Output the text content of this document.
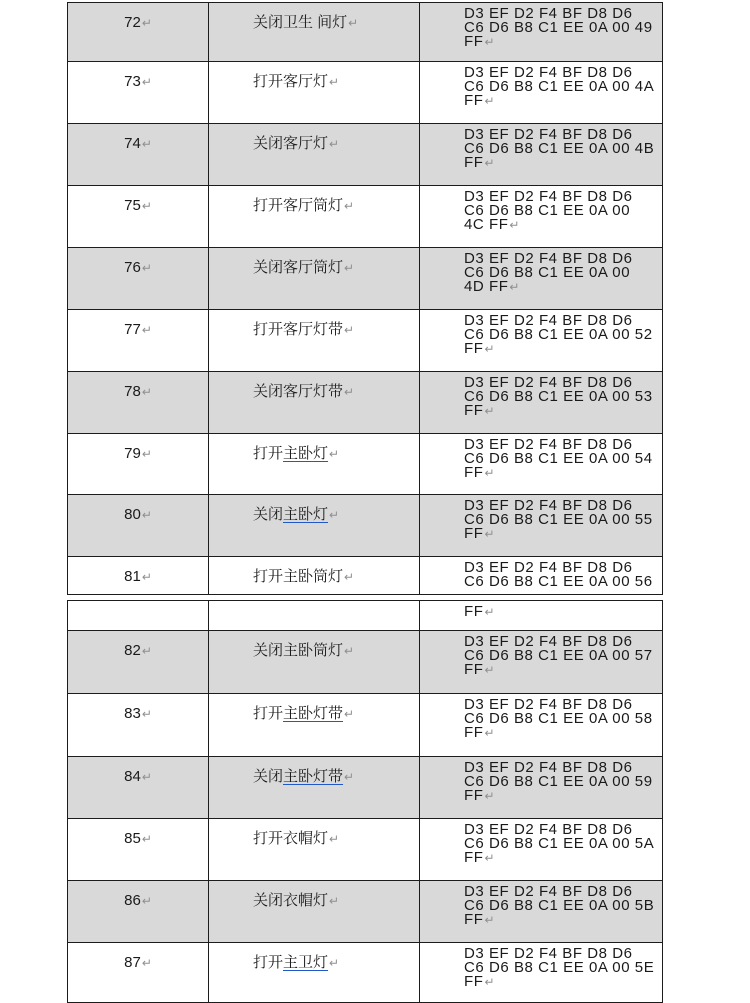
72↵	关闭卫生 间灯↵
D3 EF D2 F4 BF D8 D6
C6 D6 B8 C1 EE 0A 00 49
FF↵
73↵	打开客厅灯↵
D3 EF D2 F4 BF D8 D6
C6 D6 B8 C1 EE 0A 00 4A
FF↵
74↵	关闭客厅灯↵
D3 EF D2 F4 BF D8 D6
C6 D6 B8 C1 EE 0A 00 4B
FF↵
75↵	打开客厅筒灯↵
D3 EF D2 F4 BF D8 D6
C6 D6 B8 C1 EE 0A 00
4C FF↵
76↵	关闭客厅筒灯↵
D3 EF D2 F4 BF D8 D6
C6 D6 B8 C1 EE 0A 00
4D FF↵
77↵	打开客厅灯带↵
D3 EF D2 F4 BF D8 D6
C6 D6 B8 C1 EE 0A 00 52
FF↵
78↵	关闭客厅灯带↵
D3 EF D2 F4 BF D8 D6
C6 D6 B8 C1 EE 0A 00 53
FF↵
79↵	打开主卧灯↵
D3 EF D2 F4 BF D8 D6
C6 D6 B8 C1 EE 0A 00 54
FF↵
80↵	关闭主卧灯↵
D3 EF D2 F4 BF D8 D6
C6 D6 B8 C1 EE 0A 00 55
FF↵
81↵	打开主卧筒灯↵
D3 EF D2 F4 BF D8 D6
C6 D6 B8 C1 EE 0A 00 56
FF↵
82↵	关闭主卧筒灯↵
D3 EF D2 F4 BF D8 D6
C6 D6 B8 C1 EE 0A 00 57
FF↵
83↵	打开主卧灯带↵
D3 EF D2 F4 BF D8 D6
C6 D6 B8 C1 EE 0A 00 58
FF↵
84↵	关闭主卧灯带↵
D3 EF D2 F4 BF D8 D6
C6 D6 B8 C1 EE 0A 00 59
FF↵
85↵	打开衣帽灯↵
D3 EF D2 F4 BF D8 D6
C6 D6 B8 C1 EE 0A 00 5A
FF↵
86↵	关闭衣帽灯↵
D3 EF D2 F4 BF D8 D6
C6 D6 B8 C1 EE 0A 00 5B
FF↵
87↵	打开主卫灯↵
D3 EF D2 F4 BF D8 D6
C6 D6 B8 C1 EE 0A 00 5E
FF↵
